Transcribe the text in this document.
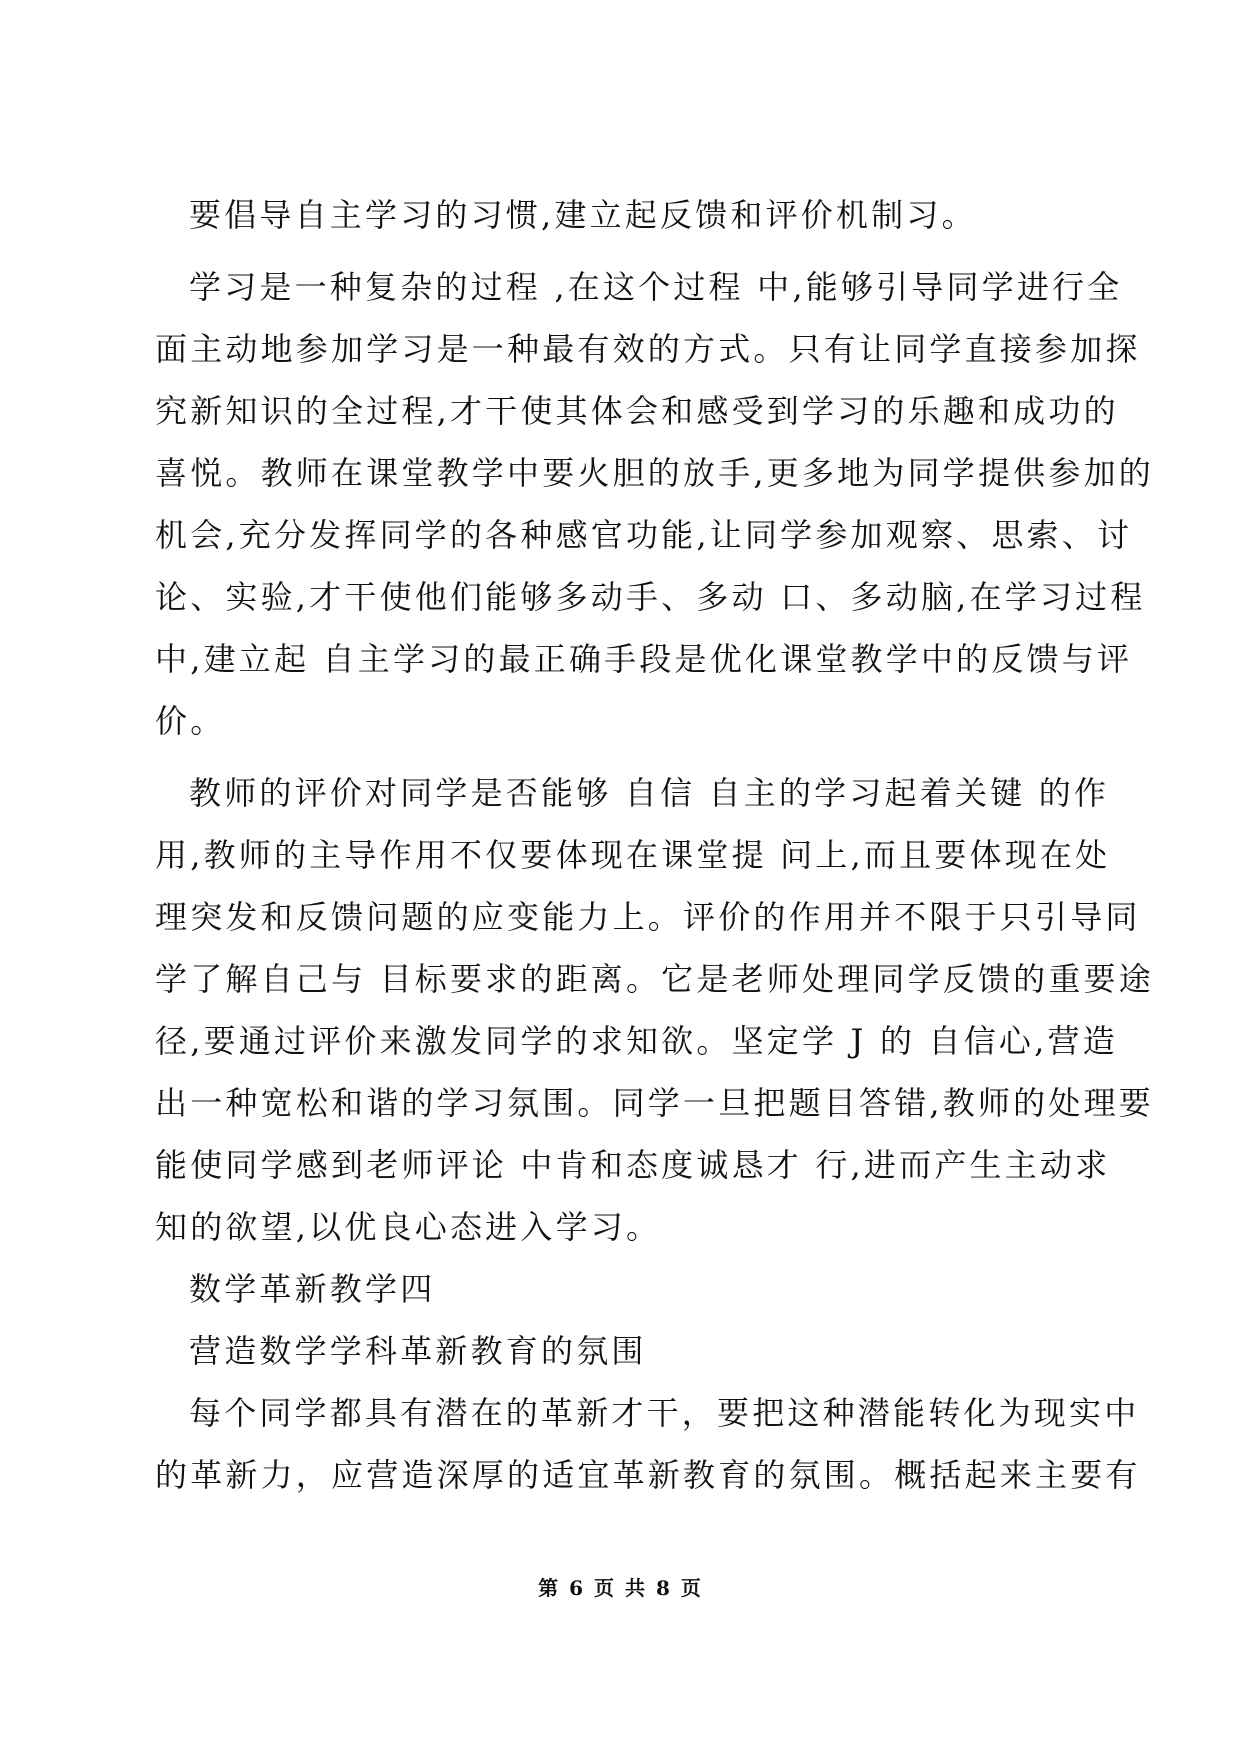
要倡导自主学习的习惯,建立起反馈和评价机制习。
学习是一种复杂的过程 ,在这个过程 中,能够引导同学进行全
面主动地参加学习是一种最有效的方式。只有让同学直接参加探
究新知识的全过程,才干使其体会和感受到学习的乐趣和成功的
喜悦。教师在课堂教学中要火胆的放手,更多地为同学提供参加的
机会,充分发挥同学的各种感官功能,让同学参加观察、思索、讨
论、实验,才干使他们能够多动手、多动 口、多动脑,在学习过程
中,建立起 自主学习的最正确手段是优化课堂教学中的反馈与评
价。
教师的评价对同学是否能够 自信 自主的学习起着关键 的作
用,教师的主导作用不仅要体现在课堂提 问上,而且要体现在处
理突发和反馈问题的应变能力上。评价的作用并不限于只引导同
学了解自己与 目标要求的距离。它是老师处理同学反馈的重要途
径,要通过评价来激发同学的求知欲。坚定学 J 的 自信心,营造
出一种宽松和谐的学习氛围。同学一旦把题目答错,教师的处理要
能使同学感到老师评论 中肯和态度诚恳才 行,进而产生主动求
知的欲望,以优良心态进入学习。
数学革新教学四
营造数学学科革新教育的氛围
每个同学都具有潜在的革新才干，要把这种潜能转化为现实中
的革新力，应营造深厚的适宜革新教育的氛围。概括起来主要有
第 6 页 共 8 页
